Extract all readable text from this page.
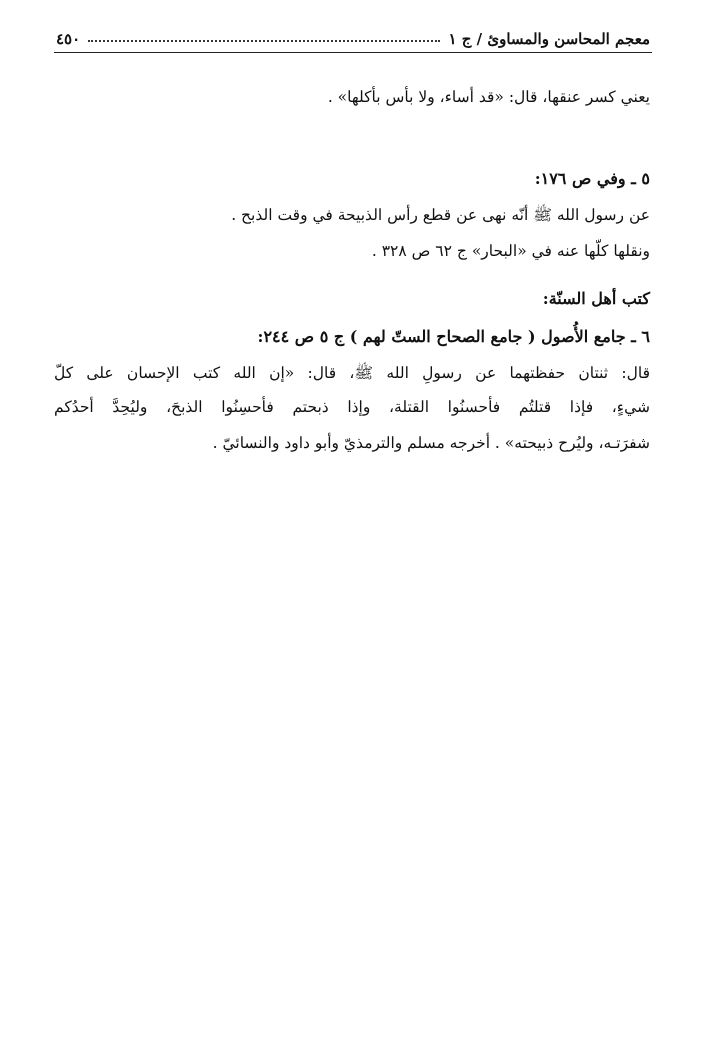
معجم المحاسن والمساوئ / ج ١
٤٥٠
يعني كسر عنقها، قال: «قد أساء، ولا بأس بأكلها» .
٥ ـ وفي ص ١٧٦:
عن رسول الله ﷺ أنّه نهى عن قطع رأس الذبيحة في وقت الذبح .
ونقلها كلّها عنه في «البحار» ج ٦٢ ص ٣٢٨ .
كتب أهل السنّة:
٦ ـ جامع الأُصول ( جامع الصحاح الستّ لهم ) ج ٥ ص ٢٤٤:
قال: ثنتان حفظتهما عن رسولِ الله ﷺ، قال: «إن الله كتب الإحسان على كلّ
شيءٍ، فإذا قتلتُم فأحسنُوا القتلة، وإذا ذبحتم فأحسِنُوا الذبحَ، وليُحِدَّ أحدُكم
شفرَتـه، وليُرح ذبيحته» . أخرجه مسلم والترمذيّ وأبو داود والنسائيّ .
